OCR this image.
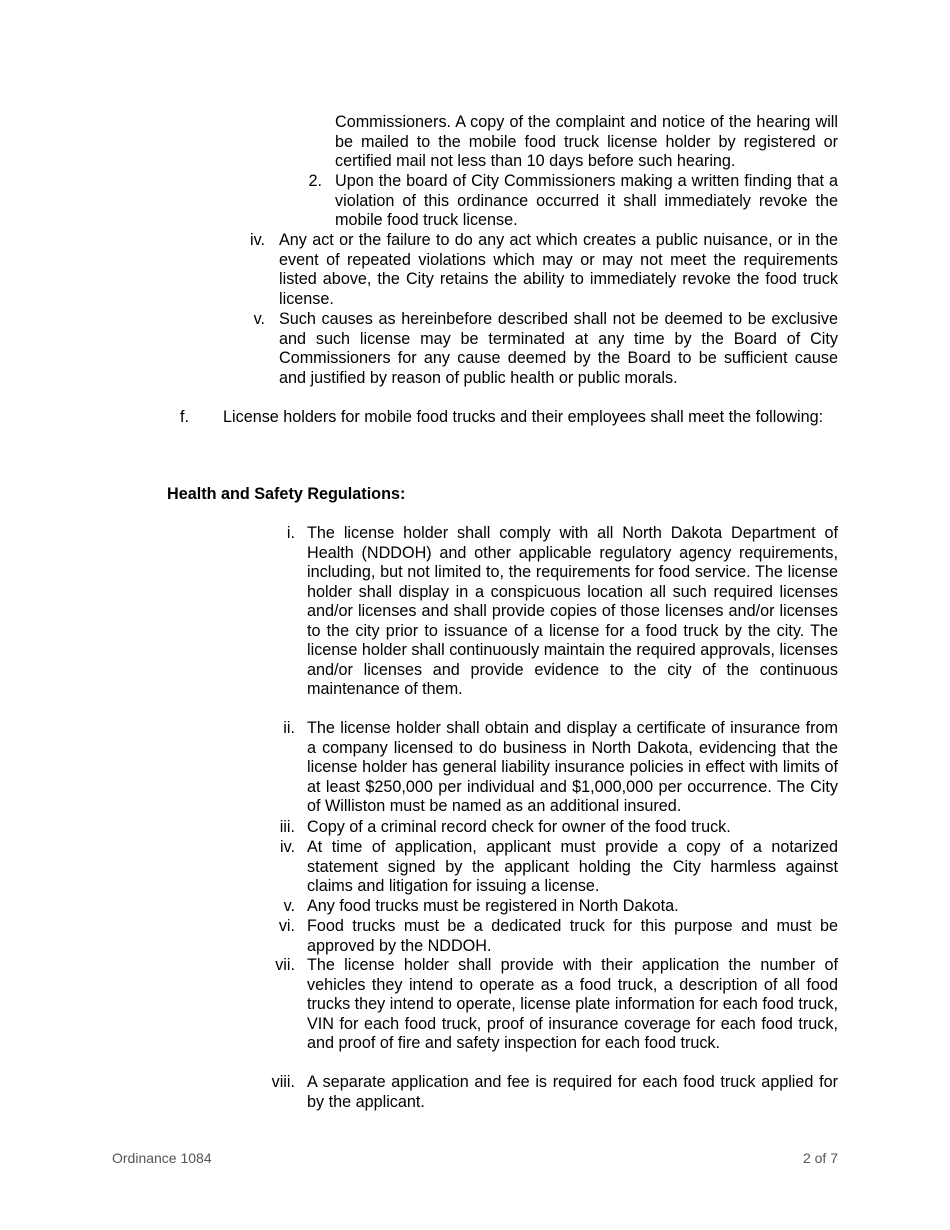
Commissioners. A copy of the complaint and notice of the hearing will be mailed to the mobile food truck license holder by registered or certified mail not less than 10 days before such hearing.

2. Upon the board of City Commissioners making a written finding that a violation of this ordinance occurred it shall immediately revoke the mobile food truck license.

iv. Any act or the failure to do any act which creates a public nuisance, or in the event of repeated violations which may or may not meet the requirements listed above, the City retains the ability to immediately revoke the food truck license.

v. Such causes as hereinbefore described shall not be deemed to be exclusive and such license may be terminated at any time by the Board of City Commissioners for any cause deemed by the Board to be sufficient cause and justified by reason of public health or public morals.

f.	License holders for mobile food trucks and their employees shall meet the following:

Health and Safety Regulations:

i. The license holder shall comply with all North Dakota Department of Health (NDDOH) and other applicable regulatory agency requirements, including, but not limited to, the requirements for food service. The license holder shall display in a conspicuous location all such required licenses and/or licenses and shall provide copies of those licenses and/or licenses to the city prior to issuance of a license for a food truck by the city. The license holder shall continuously maintain the required approvals, licenses and/or licenses and provide evidence to the city of the continuous maintenance of them.

ii. The license holder shall obtain and display a certificate of insurance from a company licensed to do business in North Dakota, evidencing that the license holder has general liability insurance policies in effect with limits of at least $250,000 per individual and $1,000,000 per occurrence. The City of Williston must be named as an additional insured.

iii. Copy of a criminal record check for owner of the food truck.

iv. At time of application, applicant must provide a copy of a notarized statement signed by the applicant holding the City harmless against claims and litigation for issuing a license.

v. Any food trucks must be registered in North Dakota.

vi. Food trucks must be a dedicated truck for this purpose and must be approved by the NDDOH.

vii. The license holder shall provide with their application the number of vehicles they intend to operate as a food truck, a description of all food trucks they intend to operate, license plate information for each food truck, VIN for each food truck, proof of insurance coverage for each food truck, and proof of fire and safety inspection for each food truck.

viii. A separate application and fee is required for each food truck applied for by the applicant.

Ordinance 1084	2 of 7
